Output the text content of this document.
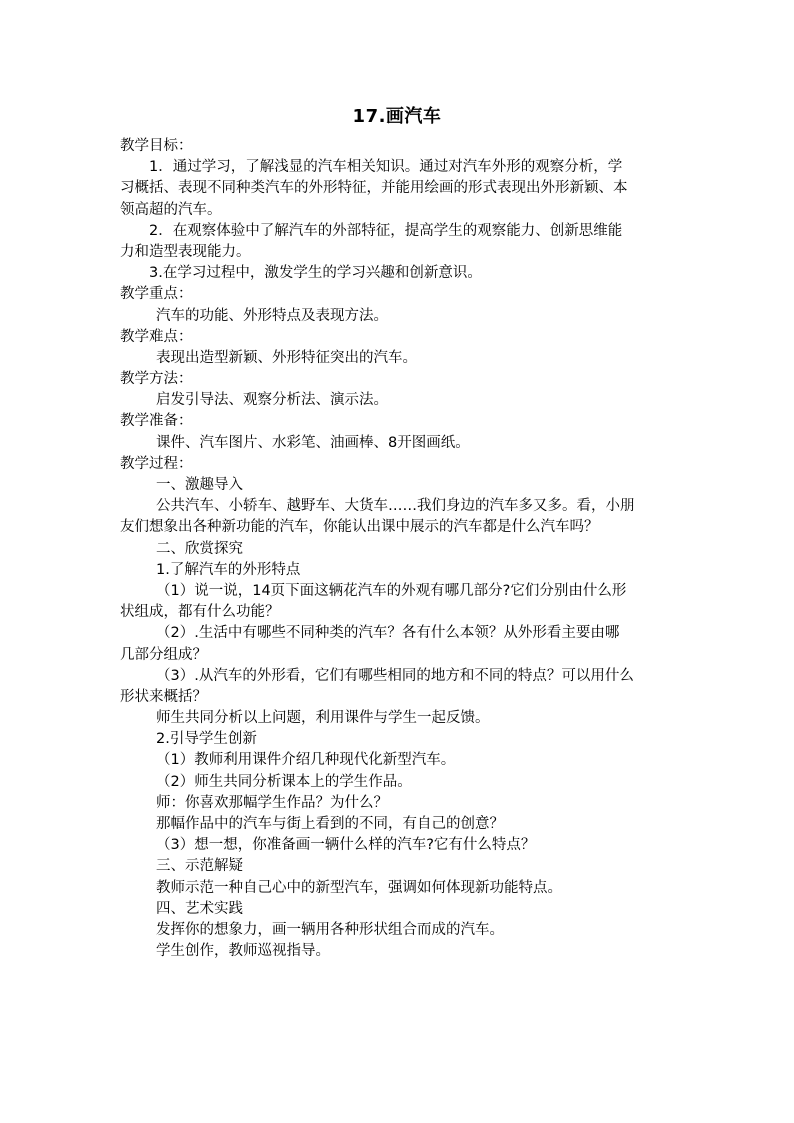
17.画汽车
教学目标：
1．通过学习，了解浅显的汽车相关知识。通过对汽车外形的观察分析，学
习概括、表现不同种类汽车的外形特征，并能用绘画的形式表现出外形新颖、本
领高超的汽车。
2．在观察体验中了解汽车的外部特征，提高学生的观察能力、创新思维能
力和造型表现能力。
3.在学习过程中，激发学生的学习兴趣和创新意识。
教学重点：
汽车的功能、外形特点及表现方法。
教学难点：
表现出造型新颖、外形特征突出的汽车。
教学方法：
启发引导法、观察分析法、演示法。
教学准备：
课件、汽车图片、水彩笔、油画棒、8开图画纸。
教学过程：
一、激趣导入
公共汽车、小轿车、越野车、大货车……我们身边的汽车多又多。看，小朋
友们想象出各种新功能的汽车，你能认出课中展示的汽车都是什么汽车吗？
二、欣赏探究
1.了解汽车的外形特点
（1）说一说，14页下面这辆花汽车的外观有哪几部分?它们分别由什么形
状组成，都有什么功能？
（2）.生活中有哪些不同种类的汽车？各有什么本领？从外形看主要由哪
几部分组成？
（3）.从汽车的外形看，它们有哪些相同的地方和不同的特点？可以用什么
形状来概括？
师生共同分析以上问题，利用课件与学生一起反馈。
2.引导学生创新
（1）教师利用课件介绍几种现代化新型汽车。
（2）师生共同分析课本上的学生作品。
师：你喜欢那幅学生作品？为什么？
那幅作品中的汽车与街上看到的不同，有自己的创意？
（3）想一想，你准备画一辆什么样的汽车?它有什么特点？
三、示范解疑
教师示范一种自己心中的新型汽车，强调如何体现新功能特点。
四、艺术实践
发挥你的想象力，画一辆用各种形状组合而成的汽车。
学生创作，教师巡视指导。
